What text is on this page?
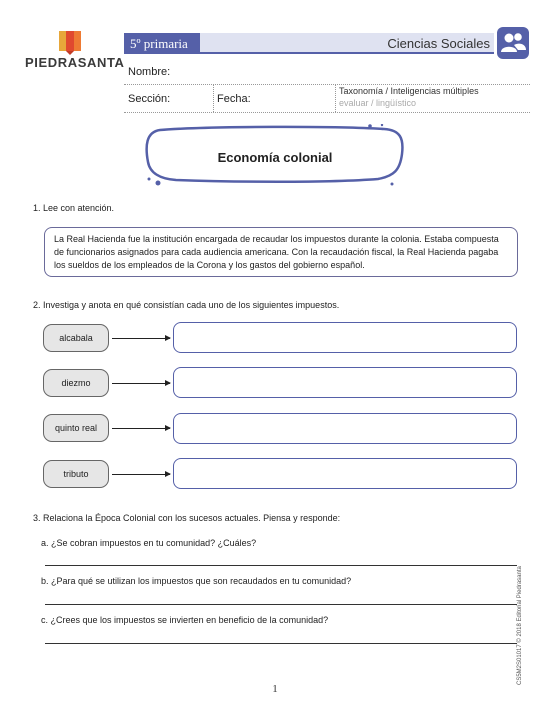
PIEDRASANTA
5º primaria	Ciencias Sociales
Nombre:
Sección:	Fecha:
Taxonomía / Inteligencias múltiples
evaluar / lingüístico
Economía colonial
1. Lee con atención.
La Real Hacienda fue la institución encargada de recaudar los impuestos durante la colonia. Estaba compuesta de funcionarios asignados para cada audiencia americana. Con la recaudación fiscal, la Real Hacienda pagaba los sueldos de los empleados de la Corona y los gastos del gobierno español.
2. Investiga y anota en qué consistían cada uno de los siguientes impuestos.
alcabala
diezmo
quinto real
tributo
3. Relaciona la Época Colonial con los sucesos actuales. Piensa y responde:
a. ¿Se cobran impuestos en tu comunidad? ¿Cuáles?
b. ¿Para qué se utilizan los impuestos que son recaudados en tu comunidad?
c. ¿Crees que los impuestos se invierten en beneficio de la comunidad?	CS5M2S01017 © 2018 Editorial Piedrasanta
1
